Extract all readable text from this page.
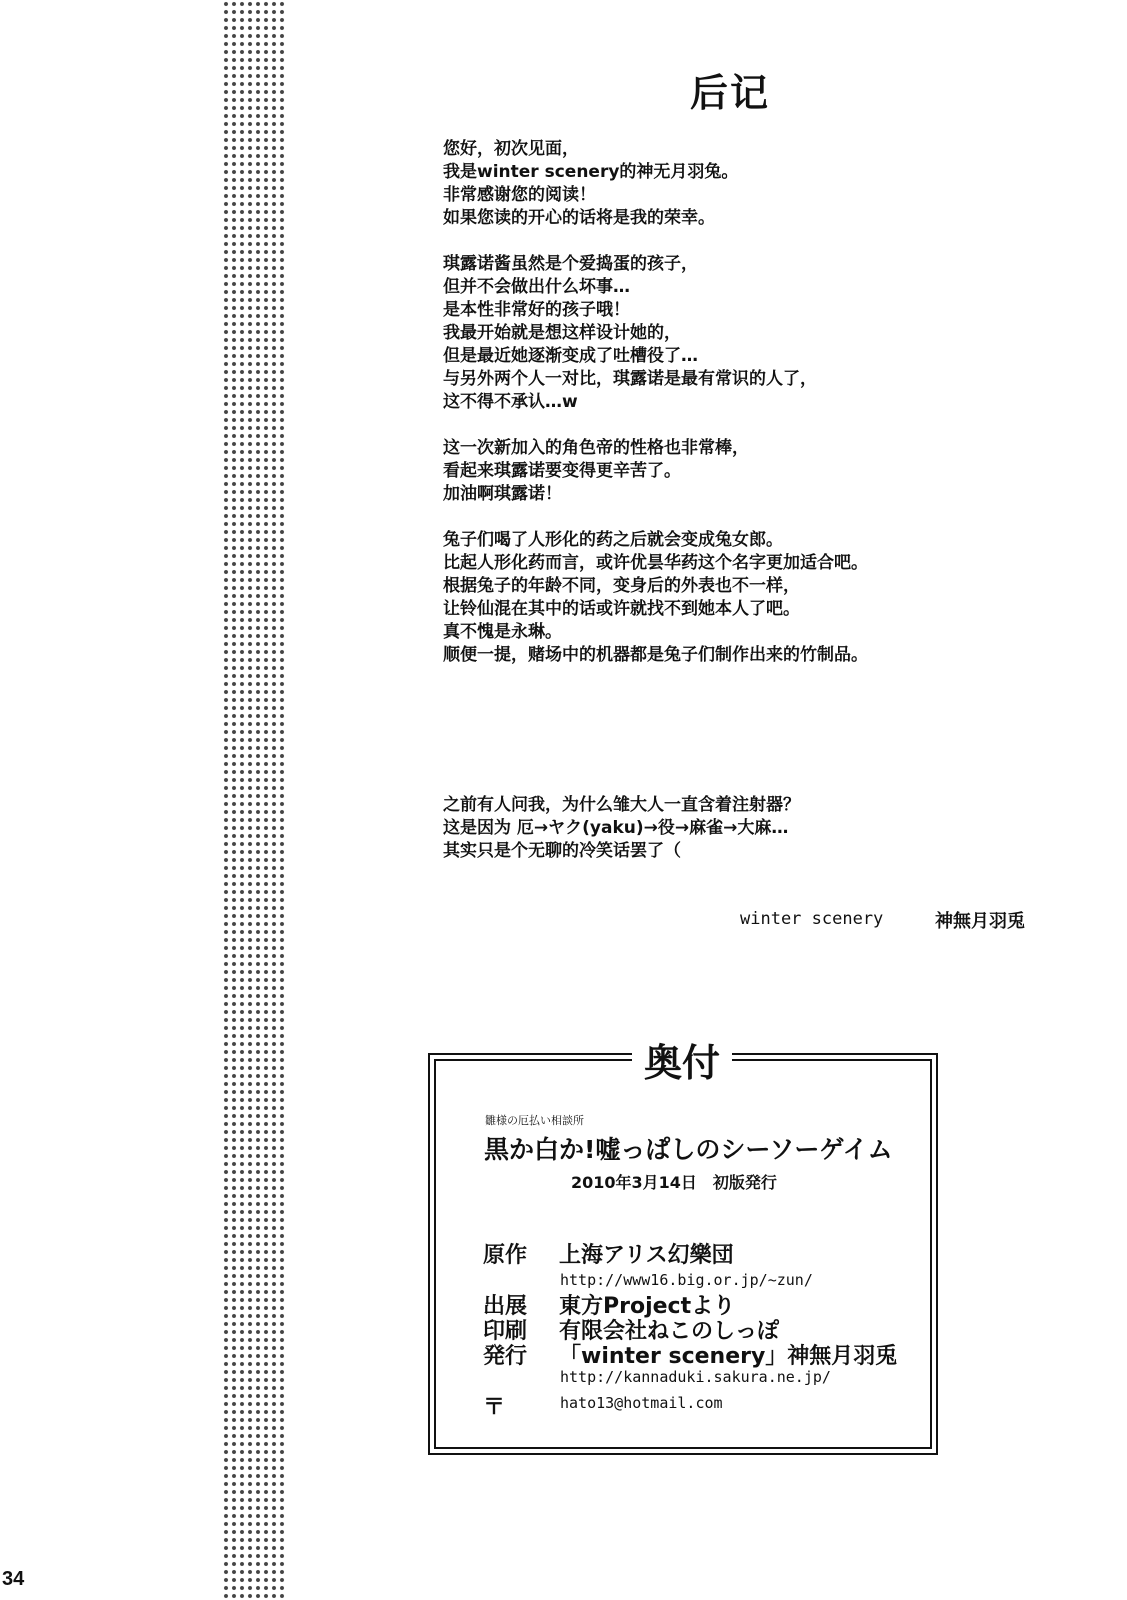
34
后记
您好，初次见面，
我是winter scenery的神无月羽兔。
非常感谢您的阅读！
如果您读的开心的话将是我的荣幸。
琪露诺酱虽然是个爱捣蛋的孩子，
但并不会做出什么坏事…
是本性非常好的孩子哦！
我最开始就是想这样设计她的，
但是最近她逐渐变成了吐槽役了…
与另外两个人一对比，琪露诺是最有常识的人了，
这不得不承认…w
这一次新加入的角色帝的性格也非常棒，
看起来琪露诺要变得更辛苦了。
加油啊琪露诺！
兔子们喝了人形化的药之后就会变成兔女郎。
比起人形化药而言，或许优昙华药这个名字更加适合吧。
根据兔子的年龄不同，变身后的外表也不一样，
让铃仙混在其中的话或许就找不到她本人了吧。
真不愧是永琳。
顺便一提，赌场中的机器都是兔子们制作出来的竹制品。
之前有人问我，为什么雏大人一直含着注射器？
这是因为 厄→ヤク(yaku)→役→麻雀→大麻…
其实只是个无聊的冷笑话罢了（
winter scenery	神無月羽兎
奥付
雛様の厄払い相談所
黒か白か!嘘っぱしのシーソーゲイム
2010年3月14日　初版発行
原作 上海アリス幻樂団
http://www16.big.or.jp/~zun/
出展 東方Projectより
印刷 有限会社ねこのしっぽ
発行 「winter scenery」神無月羽兎
http://kannaduki.sakura.ne.jp/
〒	hato13@hotmail.com
